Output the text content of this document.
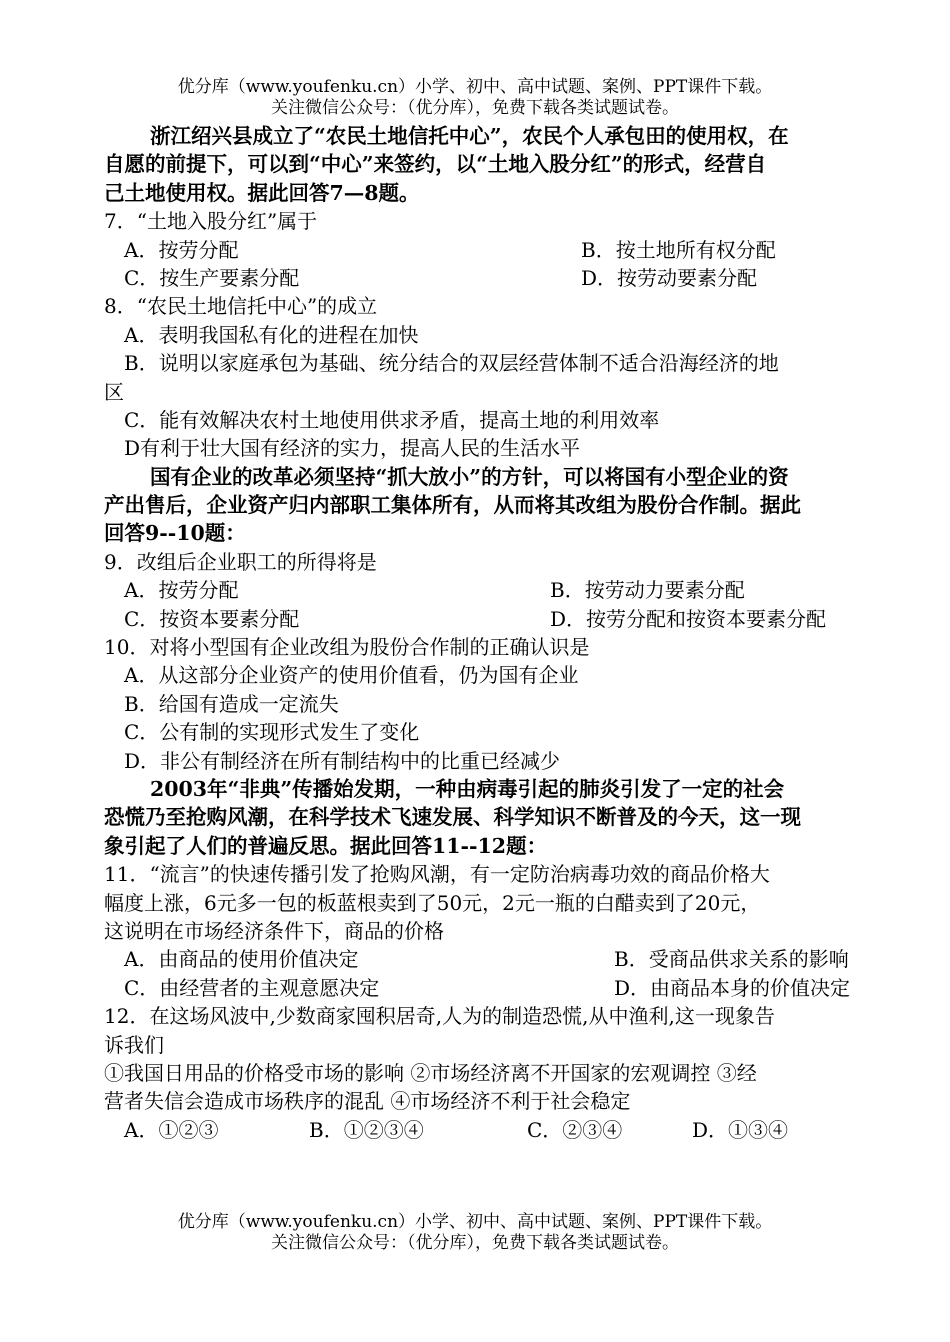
优分库（www.youfenku.cn）小学、初中、高中试题、案例、PPT课件下载。
关注微信公众号：（优分库），免费下载各类试题试卷。
浙江绍兴县成立了“农民土地信托中心”，农民个人承包田的使用权，在
自愿的前提下，可以到“中心”来签约，以“土地入股分红”的形式，经营自
己土地使用权。据此回答7—8题。
7．“土地入股分红”属于
A．按劳分配	B．按土地所有权分配
C．按生产要素分配	D．按劳动要素分配
8．“农民土地信托中心”的成立
A．表明我国私有化的进程在加快
B．说明以家庭承包为基础、统分结合的双层经营体制不适合沿海经济的地
区
C．能有效解决农村土地使用供求矛盾，提高土地的利用效率
D有利于壮大国有经济的实力，提高人民的生活水平
国有企业的改革必须坚持“抓大放小”的方针，可以将国有小型企业的资
产出售后，企业资产归内部职工集体所有，从而将其改组为股份合作制。据此
回答9--10题：
9．改组后企业职工的所得将是
A．按劳分配	B．按劳动力要素分配
C．按资本要素分配	D．按劳分配和按资本要素分配
10．对将小型国有企业改组为股份合作制的正确认识是
A．从这部分企业资产的使用价值看，仍为国有企业
B．给国有造成一定流失
C．公有制的实现形式发生了变化
D．非公有制经济在所有制结构中的比重已经减少
2003年“非典”传播始发期，一种由病毒引起的肺炎引发了一定的社会
恐慌乃至抢购风潮，在科学技术飞速发展、科学知识不断普及的今天，这一现
象引起了人们的普遍反思。据此回答11--12题：
11．“流言”的快速传播引发了抢购风潮，有一定防治病毒功效的商品价格大
幅度上涨，6元多一包的板蓝根卖到了50元，2元一瓶的白醋卖到了20元，
这说明在市场经济条件下，商品的价格
A．由商品的使用价值决定	B．受商品供求关系的影响
C．由经营者的主观意愿决定	D．由商品本身的价值决定
12．在这场风波中,少数商家囤积居奇,人为的制造恐慌,从中渔利,这一现象告
诉我们
①我国日用品的价格受市场的影响 ②市场经济离不开国家的宏观调控 ③经
营者失信会造成市场秩序的混乱 ④市场经济不利于社会稳定
A．①②③	B．①②③④	C．②③④	D．①③④
优分库（www.youfenku.cn）小学、初中、高中试题、案例、PPT课件下载。
关注微信公众号：（优分库），免费下载各类试题试卷。
